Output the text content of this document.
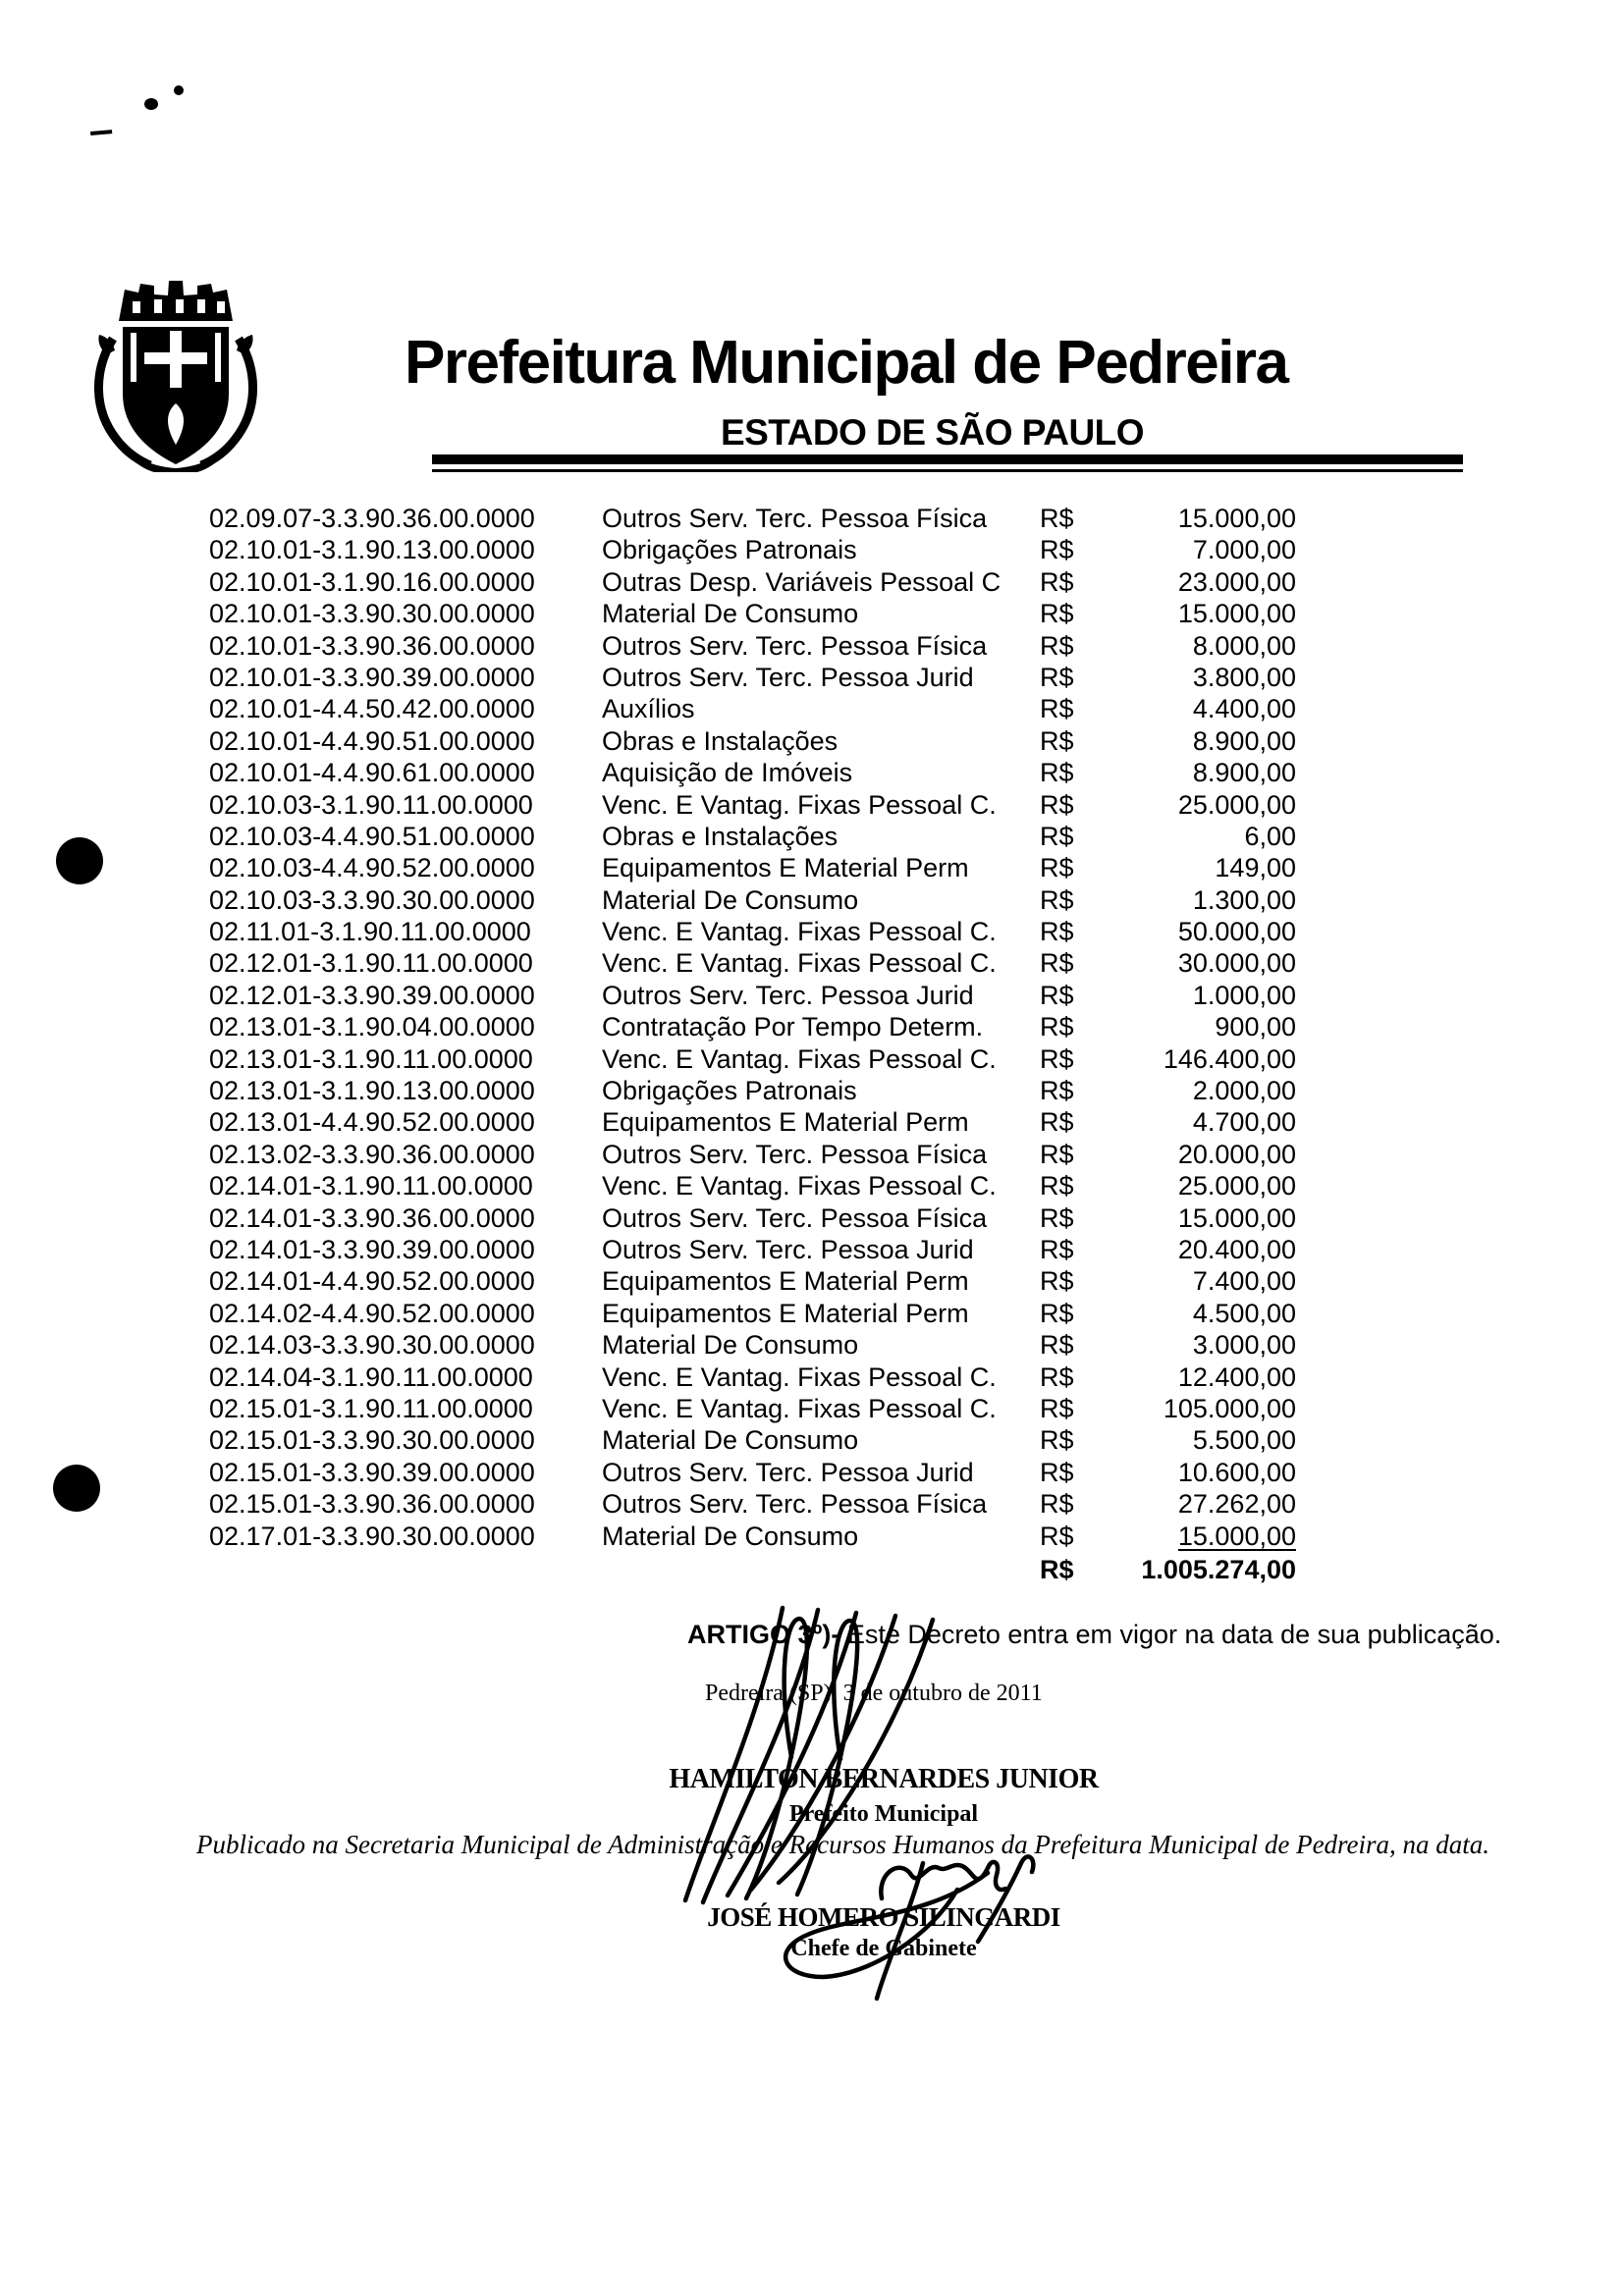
Prefeitura Municipal de Pedreira
ESTADO DE SÃO PAULO
02.09.07-3.3.90.36.00.0000	Outros Serv. Terc. Pessoa Física	R$	15.000,00
02.10.01-3.1.90.13.00.0000	Obrigações Patronais	R$	7.000,00
02.10.01-3.1.90.16.00.0000	Outras Desp. Variáveis Pessoal C	R$	23.000,00
02.10.01-3.3.90.30.00.0000	Material De Consumo	R$	15.000,00
02.10.01-3.3.90.36.00.0000	Outros Serv. Terc. Pessoa Física	R$	8.000,00
02.10.01-3.3.90.39.00.0000	Outros Serv. Terc. Pessoa Jurid	R$	3.800,00
02.10.01-4.4.50.42.00.0000	Auxílios	R$	4.400,00
02.10.01-4.4.90.51.00.0000	Obras e Instalações	R$	8.900,00
02.10.01-4.4.90.61.00.0000	Aquisição de Imóveis	R$	8.900,00
02.10.03-3.1.90.11.00.0000	Venc. E Vantag. Fixas Pessoal C.	R$	25.000,00
02.10.03-4.4.90.51.00.0000	Obras e Instalações	R$	6,00
02.10.03-4.4.90.52.00.0000	Equipamentos E Material Perm	R$	149,00
02.10.03-3.3.90.30.00.0000	Material De Consumo	R$	1.300,00
02.11.01-3.1.90.11.00.0000	Venc. E Vantag. Fixas Pessoal C.	R$	50.000,00
02.12.01-3.1.90.11.00.0000	Venc. E Vantag. Fixas Pessoal C.	R$	30.000,00
02.12.01-3.3.90.39.00.0000	Outros Serv. Terc. Pessoa Jurid	R$	1.000,00
02.13.01-3.1.90.04.00.0000	Contratação Por Tempo Determ.	R$	900,00
02.13.01-3.1.90.11.00.0000	Venc. E Vantag. Fixas Pessoal C.	R$	146.400,00
02.13.01-3.1.90.13.00.0000	Obrigações Patronais	R$	2.000,00
02.13.01-4.4.90.52.00.0000	Equipamentos E Material Perm	R$	4.700,00
02.13.02-3.3.90.36.00.0000	Outros Serv. Terc. Pessoa Física	R$	20.000,00
02.14.01-3.1.90.11.00.0000	Venc. E Vantag. Fixas Pessoal C.	R$	25.000,00
02.14.01-3.3.90.36.00.0000	Outros Serv. Terc. Pessoa Física	R$	15.000,00
02.14.01-3.3.90.39.00.0000	Outros Serv. Terc. Pessoa Jurid	R$	20.400,00
02.14.01-4.4.90.52.00.0000	Equipamentos E Material Perm	R$	7.400,00
02.14.02-4.4.90.52.00.0000	Equipamentos E Material Perm	R$	4.500,00
02.14.03-3.3.90.30.00.0000	Material De Consumo	R$	3.000,00
02.14.04-3.1.90.11.00.0000	Venc. E Vantag. Fixas Pessoal C.	R$	12.400,00
02.15.01-3.1.90.11.00.0000	Venc. E Vantag. Fixas Pessoal C.	R$	105.000,00
02.15.01-3.3.90.30.00.0000	Material De Consumo	R$	5.500,00
02.15.01-3.3.90.39.00.0000	Outros Serv. Terc. Pessoa Jurid	R$	10.600,00
02.15.01-3.3.90.36.00.0000	Outros Serv. Terc. Pessoa Física	R$	27.262,00
02.17.01-3.3.90.30.00.0000	Material De Consumo	R$	15.000,00
R$	1.005.274,00
ARTIGO 3º)- Este Decreto entra em vigor na data de sua publicação.
Pedreira (SP), 3 de outubro de 2011
HAMILTON BERNARDES JUNIOR
Prefeito Municipal
Publicado na Secretaria Municipal de Administração e Recursos Humanos da Prefeitura Municipal de Pedreira, na data.
JOSÉ HOMERO SILINGARDI
Chefe de Gabinete
